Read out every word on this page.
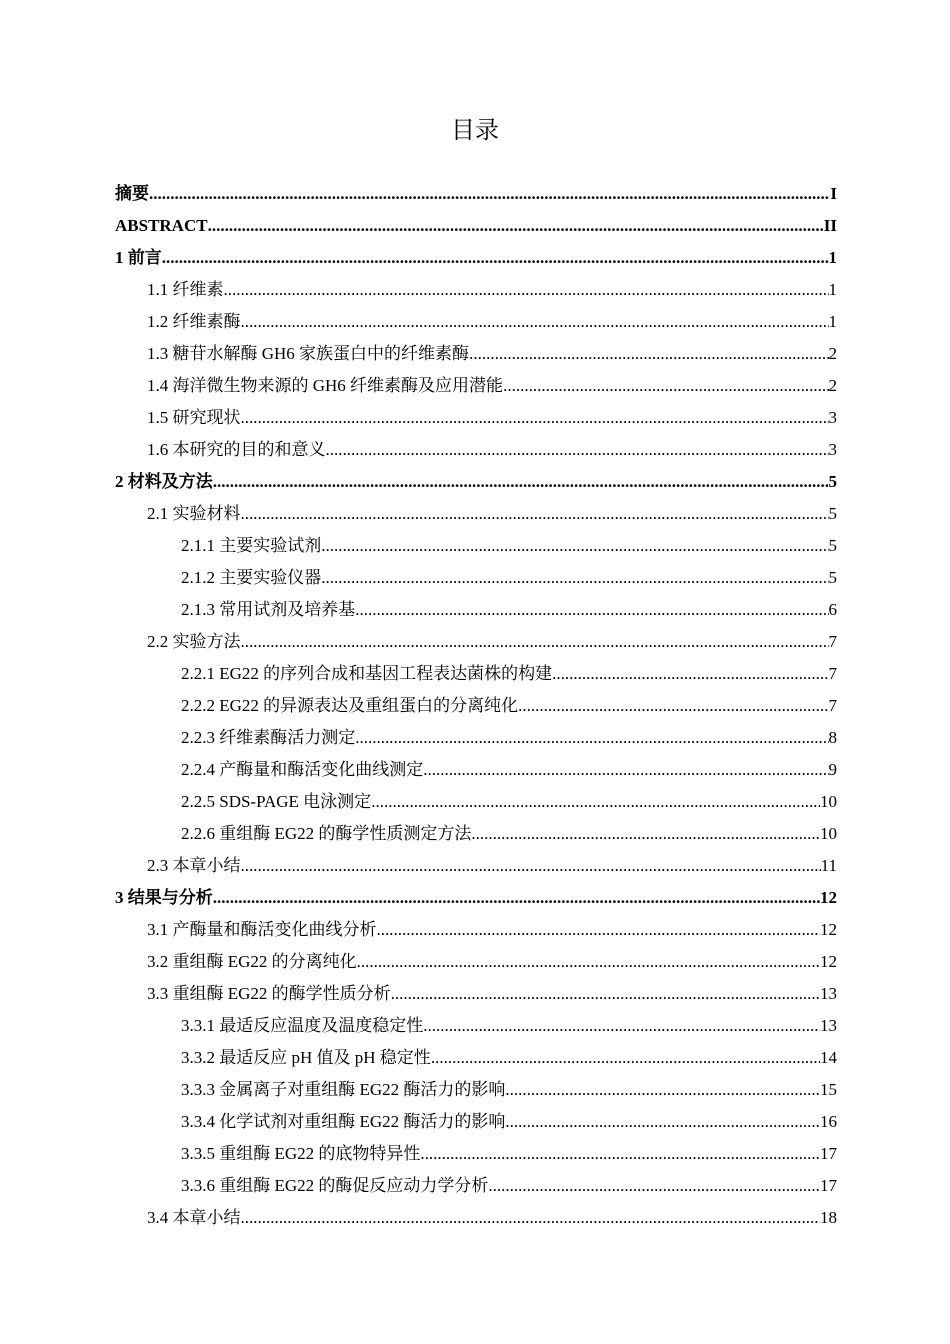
目录
摘要 .....	I
ABSTRACT .....	II
1 前言 .....	1
1.1 纤维素 .....	1
1.2 纤维素酶 .....	1
1.3 糖苷水解酶 GH6 家族蛋白中的纤维素酶 .....	2
1.4 海洋微生物来源的 GH6 纤维素酶及应用潜能 .....	2
1.5 研究现状 .....	3
1.6 本研究的目的和意义 .....	3
2 材料及方法 .....	5
2.1 实验材料 .....	5
2.1.1 主要实验试剂 .....	5
2.1.2 主要实验仪器 .....	5
2.1.3 常用试剂及培养基 .....	6
2.2 实验方法 .....	7
2.2.1 EG22 的序列合成和基因工程表达菌株的构建 .....	7
2.2.2 EG22 的异源表达及重组蛋白的分离纯化 .....	7
2.2.3 纤维素酶活力测定 .....	8
2.2.4 产酶量和酶活变化曲线测定 .....	9
2.2.5 SDS-PAGE 电泳测定 .....	10
2.2.6 重组酶 EG22 的酶学性质测定方法 .....	10
2.3 本章小结 .....	11
3 结果与分析 .....	12
3.1 产酶量和酶活变化曲线分析 .....	12
3.2 重组酶 EG22 的分离纯化 .....	12
3.3 重组酶 EG22 的酶学性质分析 .....	13
3.3.1 最适反应温度及温度稳定性 .....	13
3.3.2 最适反应 pH 值及 pH 稳定性 .....	14
3.3.3 金属离子对重组酶 EG22 酶活力的影响 .....	15
3.3.4 化学试剂对重组酶 EG22 酶活力的影响 .....	16
3.3.5 重组酶 EG22 的底物特异性 .....	17
3.3.6 重组酶 EG22 的酶促反应动力学分析 .....	17
3.4 本章小结 .....	18
